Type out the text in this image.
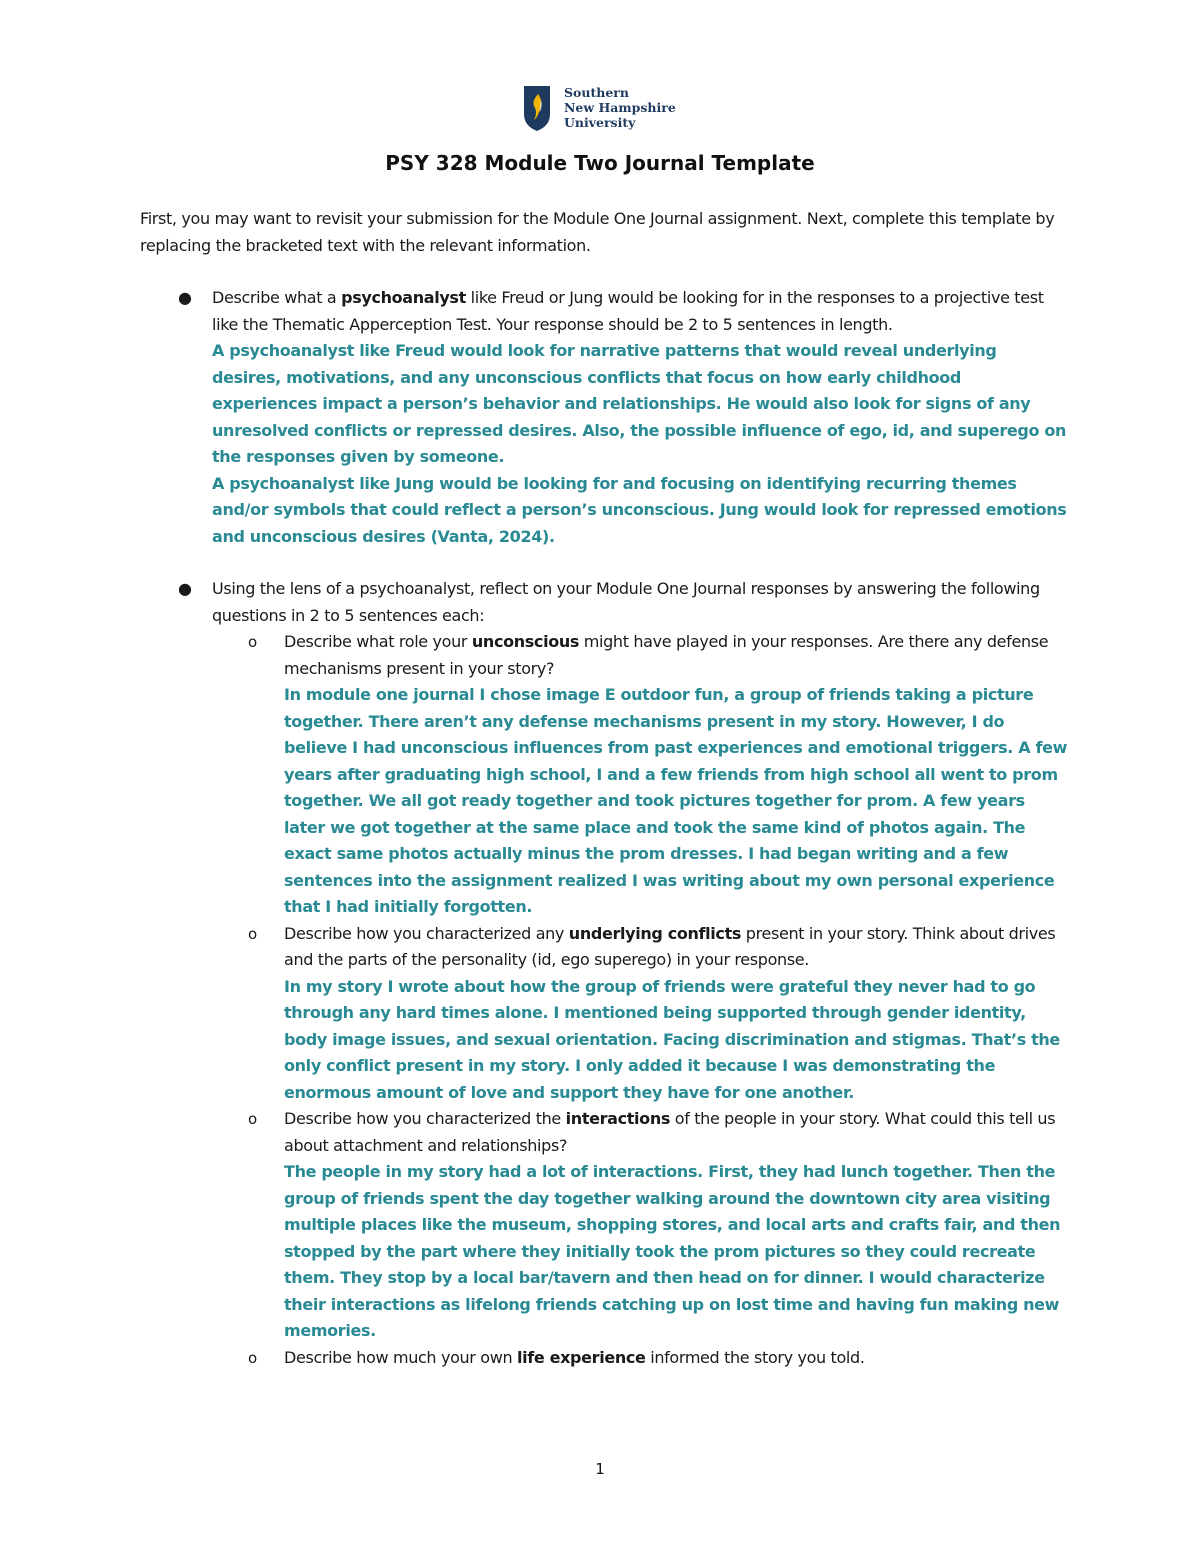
Southern
New Hampshire
University
PSY 328 Module Two Journal Template

First, you may want to revisit your submission for the Module One Journal assignment. Next, complete this template by replacing the bracketed text with the relevant information.

● Describe what a psychoanalyst like Freud or Jung would be looking for in the responses to a projective test like the Thematic Apperception Test. Your response should be 2 to 5 sentences in length.
A psychoanalyst like Freud would look for narrative patterns that would reveal underlying desires, motivations, and any unconscious conflicts that focus on how early childhood experiences impact a person’s behavior and relationships. He would also look for signs of any unresolved conflicts or repressed desires. Also, the possible influence of ego, id, and superego on the responses given by someone.
A psychoanalyst like Jung would be looking for and focusing on identifying recurring themes and/or symbols that could reflect a person’s unconscious. Jung would look for repressed emotions and unconscious desires (Vanta, 2024).
● Using the lens of a psychoanalyst, reflect on your Module One Journal responses by answering the following questions in 2 to 5 sentences each:
o Describe what role your unconscious might have played in your responses. Are there any defense mechanisms present in your story?
In module one journal I chose image E outdoor fun, a group of friends taking a picture together. There aren’t any defense mechanisms present in my story. However, I do believe I had unconscious influences from past experiences and emotional triggers. A few years after graduating high school, I and a few friends from high school all went to prom together. We all got ready together and took pictures together for prom. A few years later we got together at the same place and took the same kind of photos again. The exact same photos actually minus the prom dresses. I had began writing and a few sentences into the assignment realized I was writing about my own personal experience that I had initially forgotten.
o Describe how you characterized any underlying conflicts present in your story. Think about drives and the parts of the personality (id, ego superego) in your response.
In my story I wrote about how the group of friends were grateful they never had to go through any hard times alone. I mentioned being supported through gender identity, body image issues, and sexual orientation. Facing discrimination and stigmas. That’s the only conflict present in my story. I only added it because I was demonstrating the enormous amount of love and support they have for one another.
o Describe how you characterized the interactions of the people in your story. What could this tell us about attachment and relationships?
The people in my story had a lot of interactions. First, they had lunch together. Then the group of friends spent the day together walking around the downtown city area visiting multiple places like the museum, shopping stores, and local arts and crafts fair, and then stopped by the part where they initially took the prom pictures so they could recreate them. They stop by a local bar/tavern and then head on for dinner. I would characterize their interactions as lifelong friends catching up on lost time and having fun making new memories.
o Describe how much your own life experience informed the story you told.
1
